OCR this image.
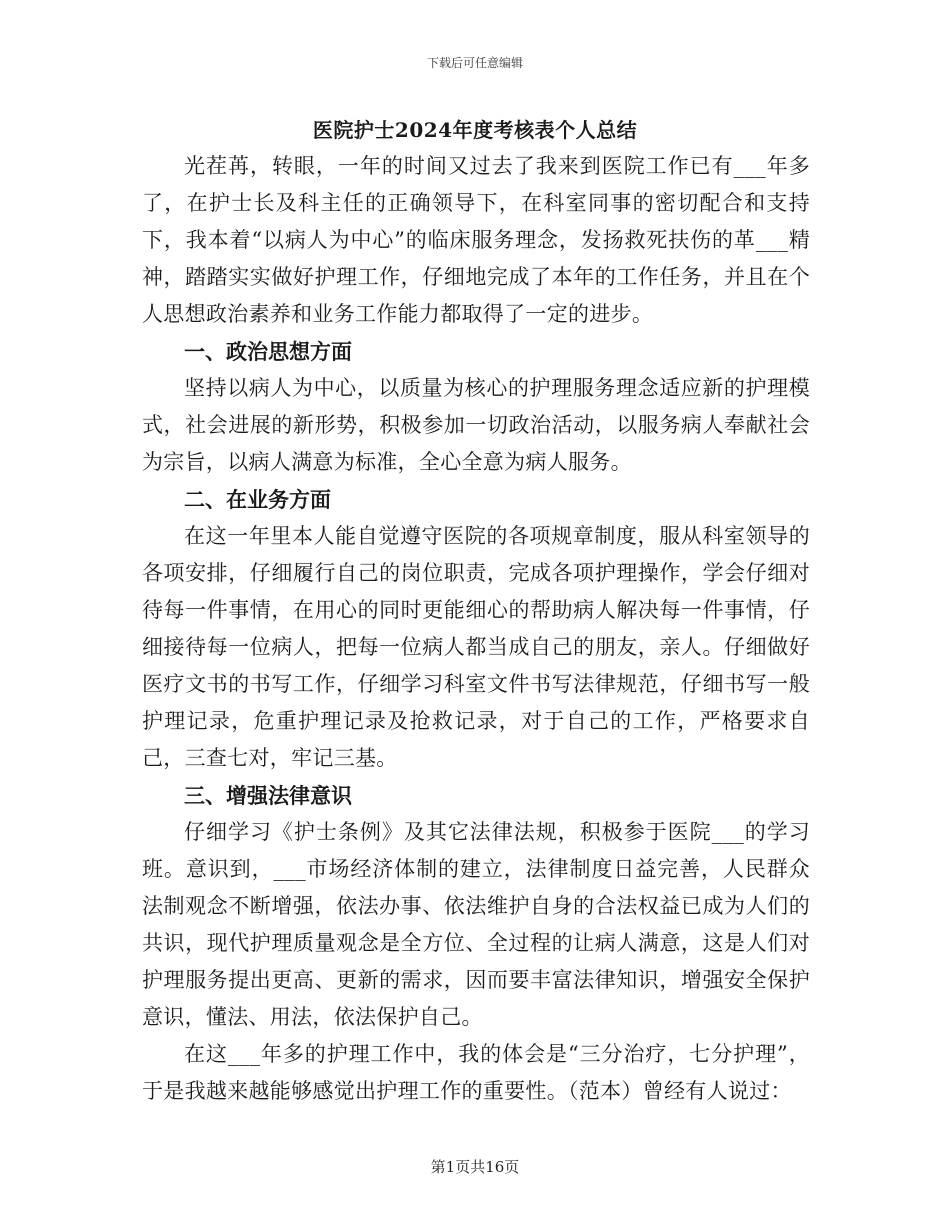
下载后可任意编辑
医院护士2024年度考核表个人总结

光茬苒，转眼，一年的时间又过去了我来到医院工作已有___年多了，在护士长及科主任的正确领导下，在科室同事的密切配合和支持下，我本着“以病人为中心”的临床服务理念，发扬救死扶伤的革___精神，踏踏实实做好护理工作，仔细地完成了本年的工作任务，并且在个人思想政治素养和业务工作能力都取得了一定的进步。

一、政治思想方面

坚持以病人为中心，以质量为核心的护理服务理念适应新的护理模式，社会进展的新形势，积极参加一切政治活动，以服务病人奉献社会为宗旨，以病人满意为标准，全心全意为病人服务。

二、在业务方面

在这一年里本人能自觉遵守医院的各项规章制度，服从科室领导的各项安排，仔细履行自己的岗位职责，完成各项护理操作，学会仔细对待每一件事情，在用心的同时更能细心的帮助病人解决每一件事情，仔细接待每一位病人，把每一位病人都当成自己的朋友，亲人。仔细做好医疗文书的书写工作，仔细学习科室文件书写法律规范，仔细书写一般护理记录，危重护理记录及抢救记录，对于自己的工作，严格要求自己，三查七对，牢记三基。

三、增强法律意识

仔细学习《护士条例》及其它法律法规，积极参于医院___的学习班。意识到，___市场经济体制的建立，法律制度日益完善，人民群众法制观念不断增强，依法办事、依法维护自身的合法权益已成为人们的共识，现代护理质量观念是全方位、全过程的让病人满意，这是人们对护理服务提出更高、更新的需求，因而要丰富法律知识，增强安全保护意识，懂法、用法，依法保护自己。

在这___年多的护理工作中，我的体会是“三分治疗，七分护理”，于是我越来越能够感觉出护理工作的重要性。（范本）曾经有人说过：

第1页共16页
